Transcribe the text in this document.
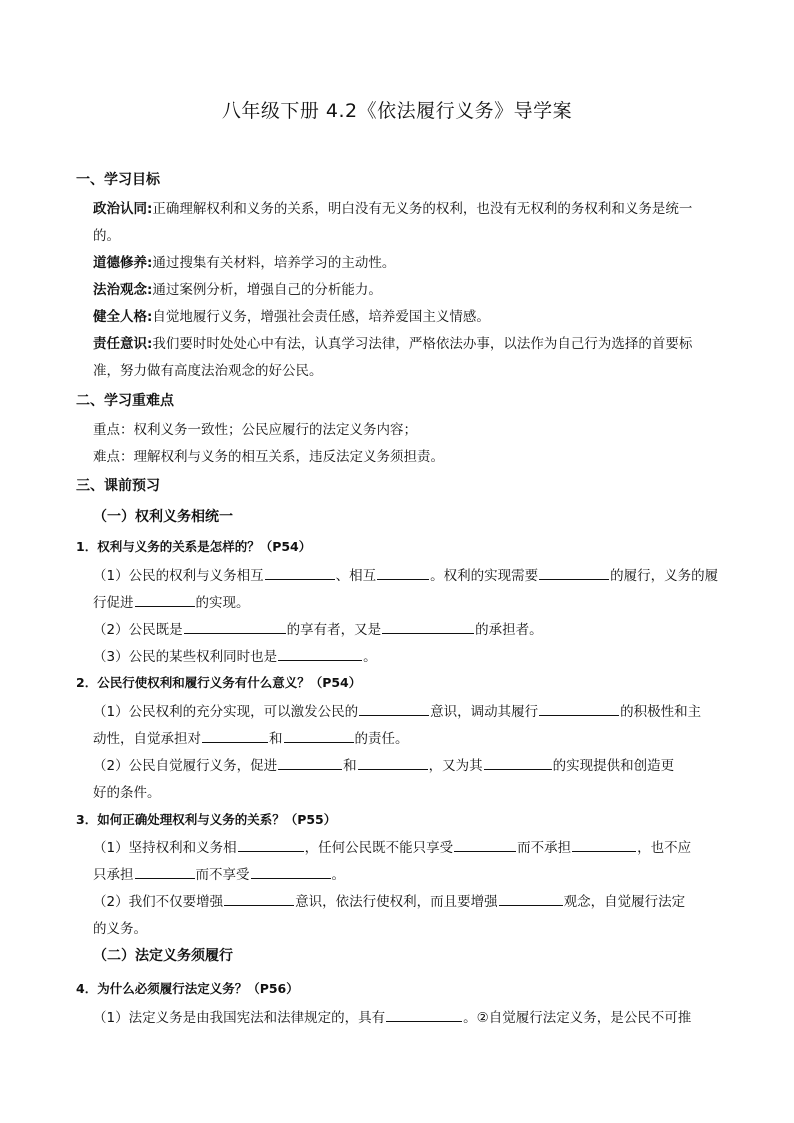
八年级下册 4.2《依法履行义务》导学案
一、学习目标
政治认同:正确理解权利和义务的关系，明白没有无义务的权利，也没有无权利的务权利和义务是统一
的。
道德修养:通过搜集有关材料，培养学习的主动性。
法治观念:通过案例分析，增强自己的分析能力。
健全人格:自觉地履行义务，增强社会责任感，培养爱国主义情感。
责任意识:我们要时时处处心中有法，认真学习法律，严格依法办事，以法作为自己行为选择的首要标
准，努力做有高度法治观念的好公民。
二、学习重难点
重点：权利义务一致性；公民应履行的法定义务内容；
难点：理解权利与义务的相互关系，违反法定义务须担责。
三、课前预习
（一）权利义务相统一
1．权利与义务的关系是怎样的？（P54）
（1）公民的权利与义务相互	、相互	。权利的实现需要	的履行，义务的履
行促进	的实现。
（2）公民既是	的享有者，又是	的承担者。
（3）公民的某些权利同时也是	。
2．公民行使权利和履行义务有什么意义？（P54）
（1）公民权利的充分实现，可以激发公民的	意识，调动其履行	的积极性和主
动性，自觉承担对	和	的责任。
（2）公民自觉履行义务，促进	和	，又为其	的实现提供和创造更
好的条件。
3．如何正确处理权利与义务的关系？（P55）
（1）坚持权利和义务相	，任何公民既不能只享受	而不承担	，也不应
只承担	而不享受	。
（2）我们不仅要增强	意识，依法行使权利，而且要增强	观念，自觉履行法定
的义务。
（二）法定义务须履行
4．为什么必须履行法定义务？（P56）
（1）法定义务是由我国宪法和法律规定的，具有	。②自觉履行法定义务，是公民不可推
